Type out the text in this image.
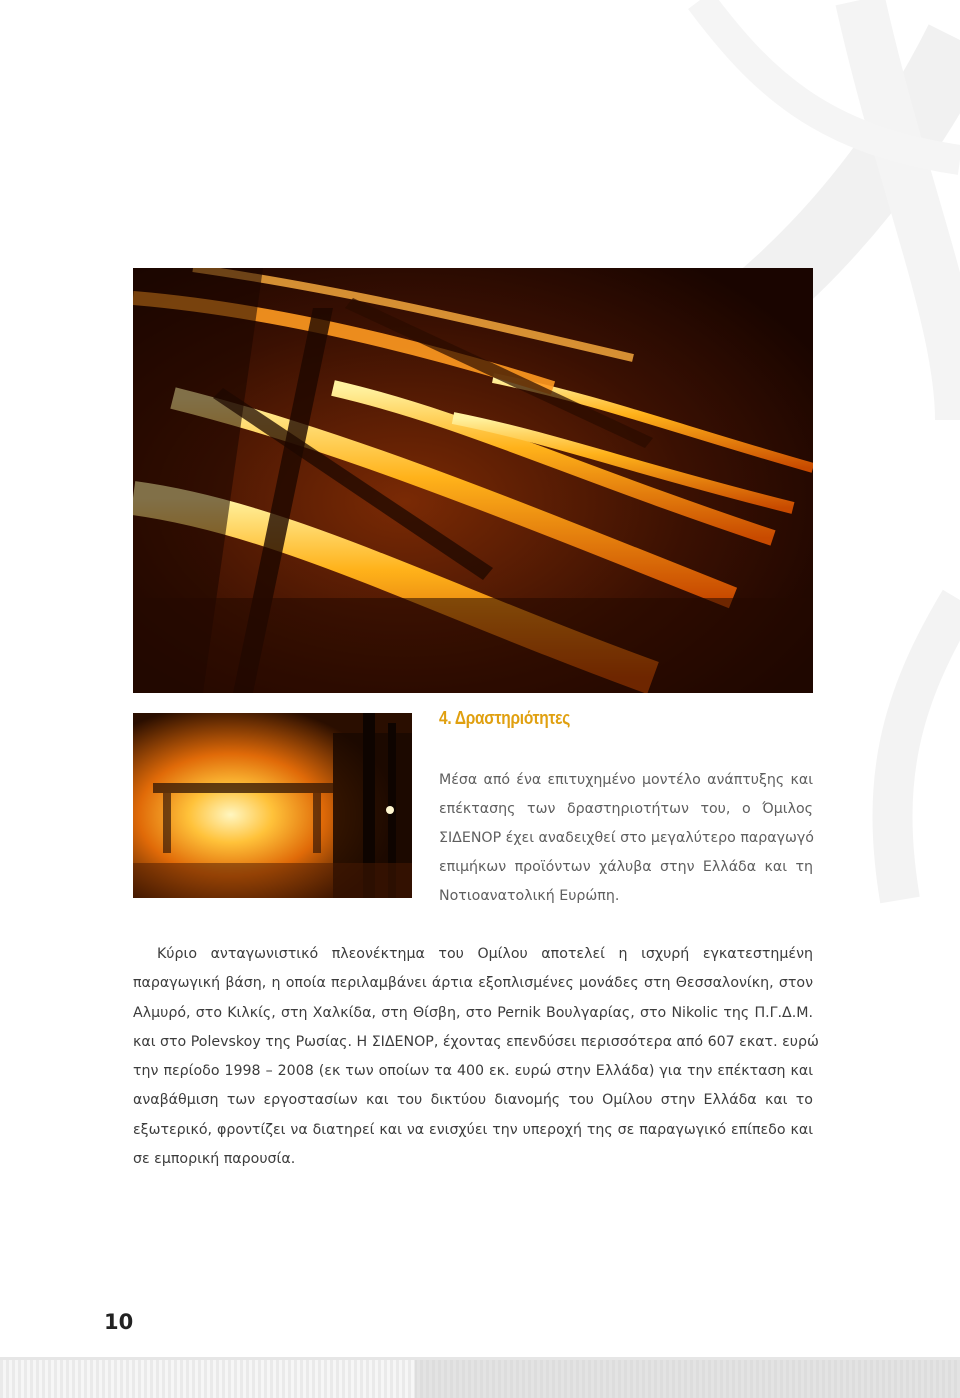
4. Δραστηριότητες
Μέσα από ένα επιτυχημένο μοντέλο ανάπτυξης και
επέκτασης των δραστηριοτήτων του, ο Όμιλος
ΣΙΔΕΝΟΡ έχει αναδειχθεί στο μεγαλύτερο παραγωγό
επιμήκων προϊόντων χάλυβα στην Ελλάδα και τη
Νοτιοανατολική Ευρώπη.
Κύριο ανταγωνιστικό πλεονέκτημα του Ομίλου αποτελεί η ισχυρή εγκατεστημένη
παραγωγική βάση, η οποία περιλαμβάνει άρτια εξοπλισμένες μονάδες στη Θεσσαλονίκη, στον
Αλμυρό, στο Κιλκίς, στη Χαλκίδα, στη Θίσβη, στο Pernik Βουλγαρίας, στο Nikolic της Π.Γ.Δ.Μ.
και στο Polevskoy της Ρωσίας. Η ΣΙΔΕΝΟΡ, έχοντας επενδύσει περισσότερα από 607 εκατ. ευρώ
την περίοδο 1998 – 2008 (εκ των οποίων τα 400 εκ. ευρώ στην Ελλάδα) για την επέκταση και
αναβάθμιση των εργοστασίων και του δικτύου διανομής του Ομίλου στην Ελλάδα και το
εξωτερικό, φροντίζει να διατηρεί και να ενισχύει την υπεροχή της σε παραγωγικό επίπεδο και
σε εμπορική παρουσία.
10
